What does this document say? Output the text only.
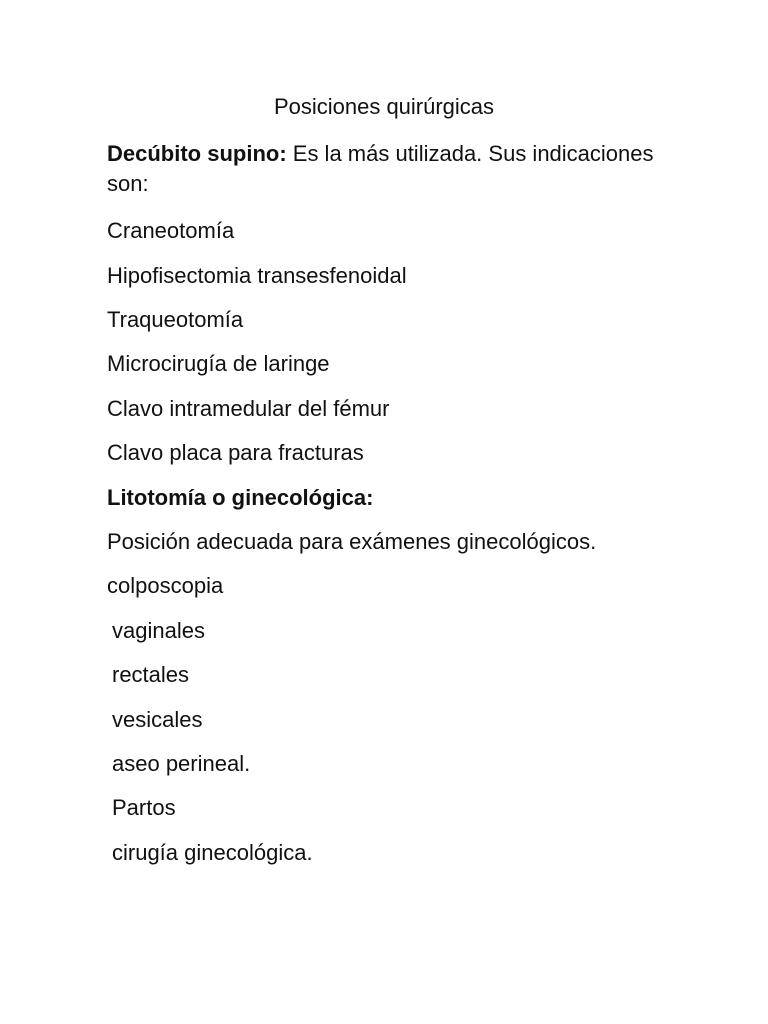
Posiciones quirúrgicas
Decúbito supino: Es la más utilizada. Sus indicaciones son:
Craneotomía
Hipofisectomia transesfenoidal
Traqueotomía
Microcirugía de laringe
Clavo intramedular del fémur
Clavo placa para fracturas
Litotomía o ginecológica:
Posición adecuada para exámenes ginecológicos.
colposcopia
vaginales
rectales
vesicales
aseo perineal.
Partos
cirugía ginecológica.
